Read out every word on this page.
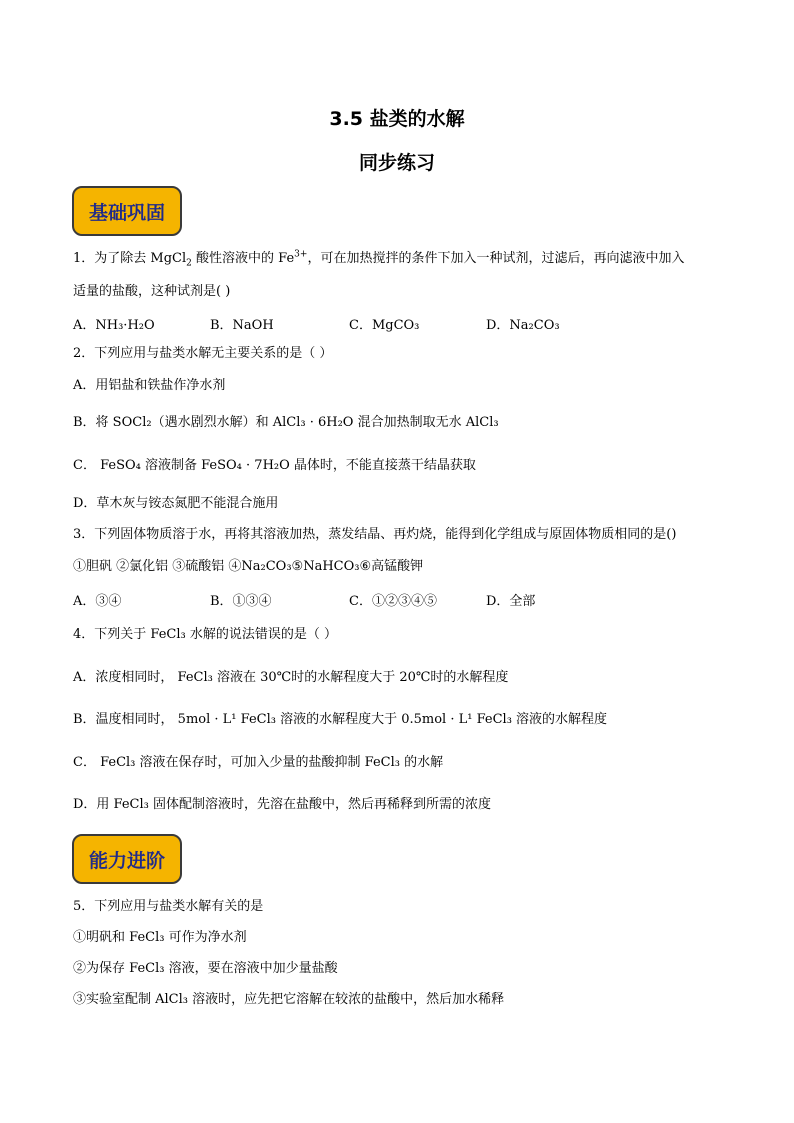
3.5 盐类的水解
同步练习
基础巩固
1．为了除去 MgCl$_2$ 酸性溶液中的 $Fe^{3+}$，可在加热搅拌的条件下加入一种试剂，过滤后，再向滤液中加入
适量的盐酸，这种试剂是( )
A．NH₃·H₂O	B．NaOH	C．MgCO₃	D．Na₂CO₃
2．下列应用与盐类水解无主要关系的是（ ）
A．用铝盐和铁盐作净水剂
B．将 SOCl₂（遇水剧烈水解）和 AlCl₃ · 6H₂O 混合加热制取无水 AlCl₃
C． FeSO₄ 溶液制备 FeSO₄ · 7H₂O 晶体时，不能直接蒸干结晶获取
D．草木灰与铵态氮肥不能混合施用
3．下列固体物质溶于水，再将其溶液加热，蒸发结晶、再灼烧，能得到化学组成与原固体物质相同的是()
①胆矾 ②氯化铝 ③硫酸铝 ④Na₂CO₃⑤NaHCO₃⑥高锰酸钾
A．③④	B．①③④	C．①②③④⑤	D．全部
4．下列关于 FeCl₃ 水解的说法错误的是（ ）
A．浓度相同时， FeCl₃ 溶液在 30℃时的水解程度大于 20℃时的水解程度
B．温度相同时， 5mol · L¹ FeCl₃ 溶液的水解程度大于 0.5mol · L¹ FeCl₃ 溶液的水解程度
C． FeCl₃ 溶液在保存时，可加入少量的盐酸抑制 FeCl₃ 的水解
D．用 FeCl₃ 固体配制溶液时，先溶在盐酸中，然后再稀释到所需的浓度
能力进阶
5．下列应用与盐类水解有关的是
①明矾和 FeCl₃ 可作为净水剂
②为保存 FeCl₃ 溶液，要在溶液中加少量盐酸
③实验室配制 AlCl₃ 溶液时，应先把它溶解在较浓的盐酸中，然后加水稀释
